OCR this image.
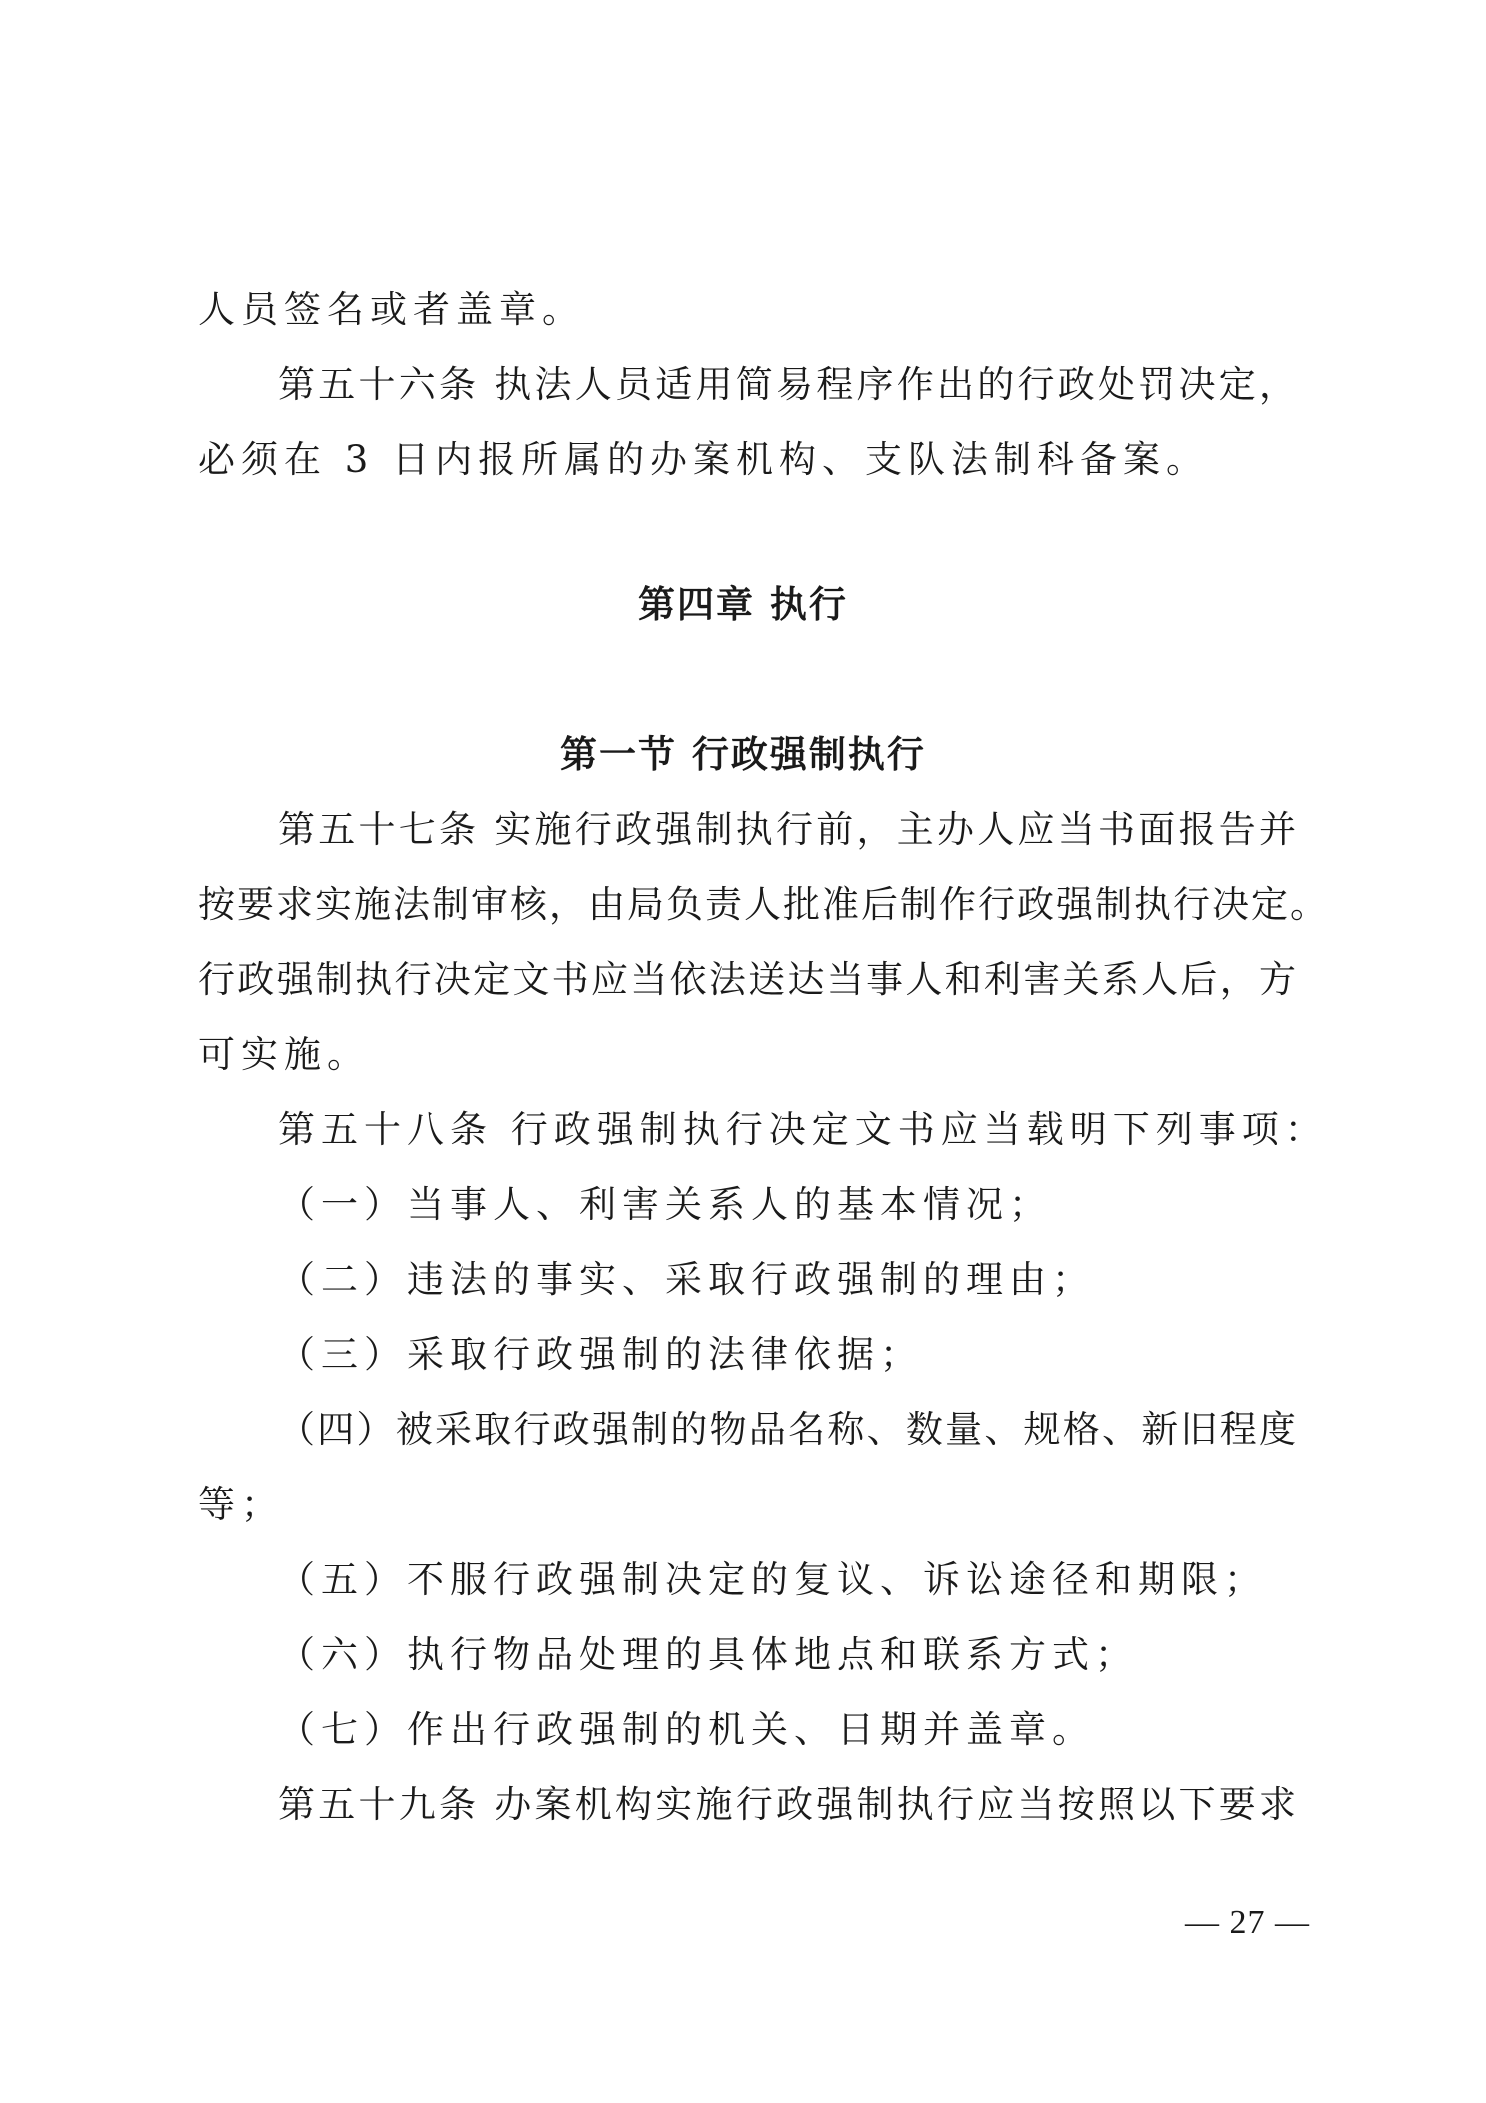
人员签名或者盖章。
第五十六条 执法人员适用简易程序作出的行政处罚决定，
必须在 3 日内报所属的办案机构、支队法制科备案。
第四章 执行
第一节 行政强制执行
第五十七条 实施行政强制执行前，主办人应当书面报告并
按要求实施法制审核，由局负责人批准后制作行政强制执行决定。
行政强制执行决定文书应当依法送达当事人和利害关系人后，方
可实施。
第五十八条 行政强制执行决定文书应当载明下列事项：
（一）当事人、利害关系人的基本情况；
（二）违法的事实、采取行政强制的理由；
（三）采取行政强制的法律依据；
（四）被采取行政强制的物品名称、数量、规格、新旧程度
等；
（五）不服行政强制决定的复议、诉讼途径和期限；
（六）执行物品处理的具体地点和联系方式；
（七）作出行政强制的机关、日期并盖章。
第五十九条 办案机构实施行政强制执行应当按照以下要求
— 27 —
